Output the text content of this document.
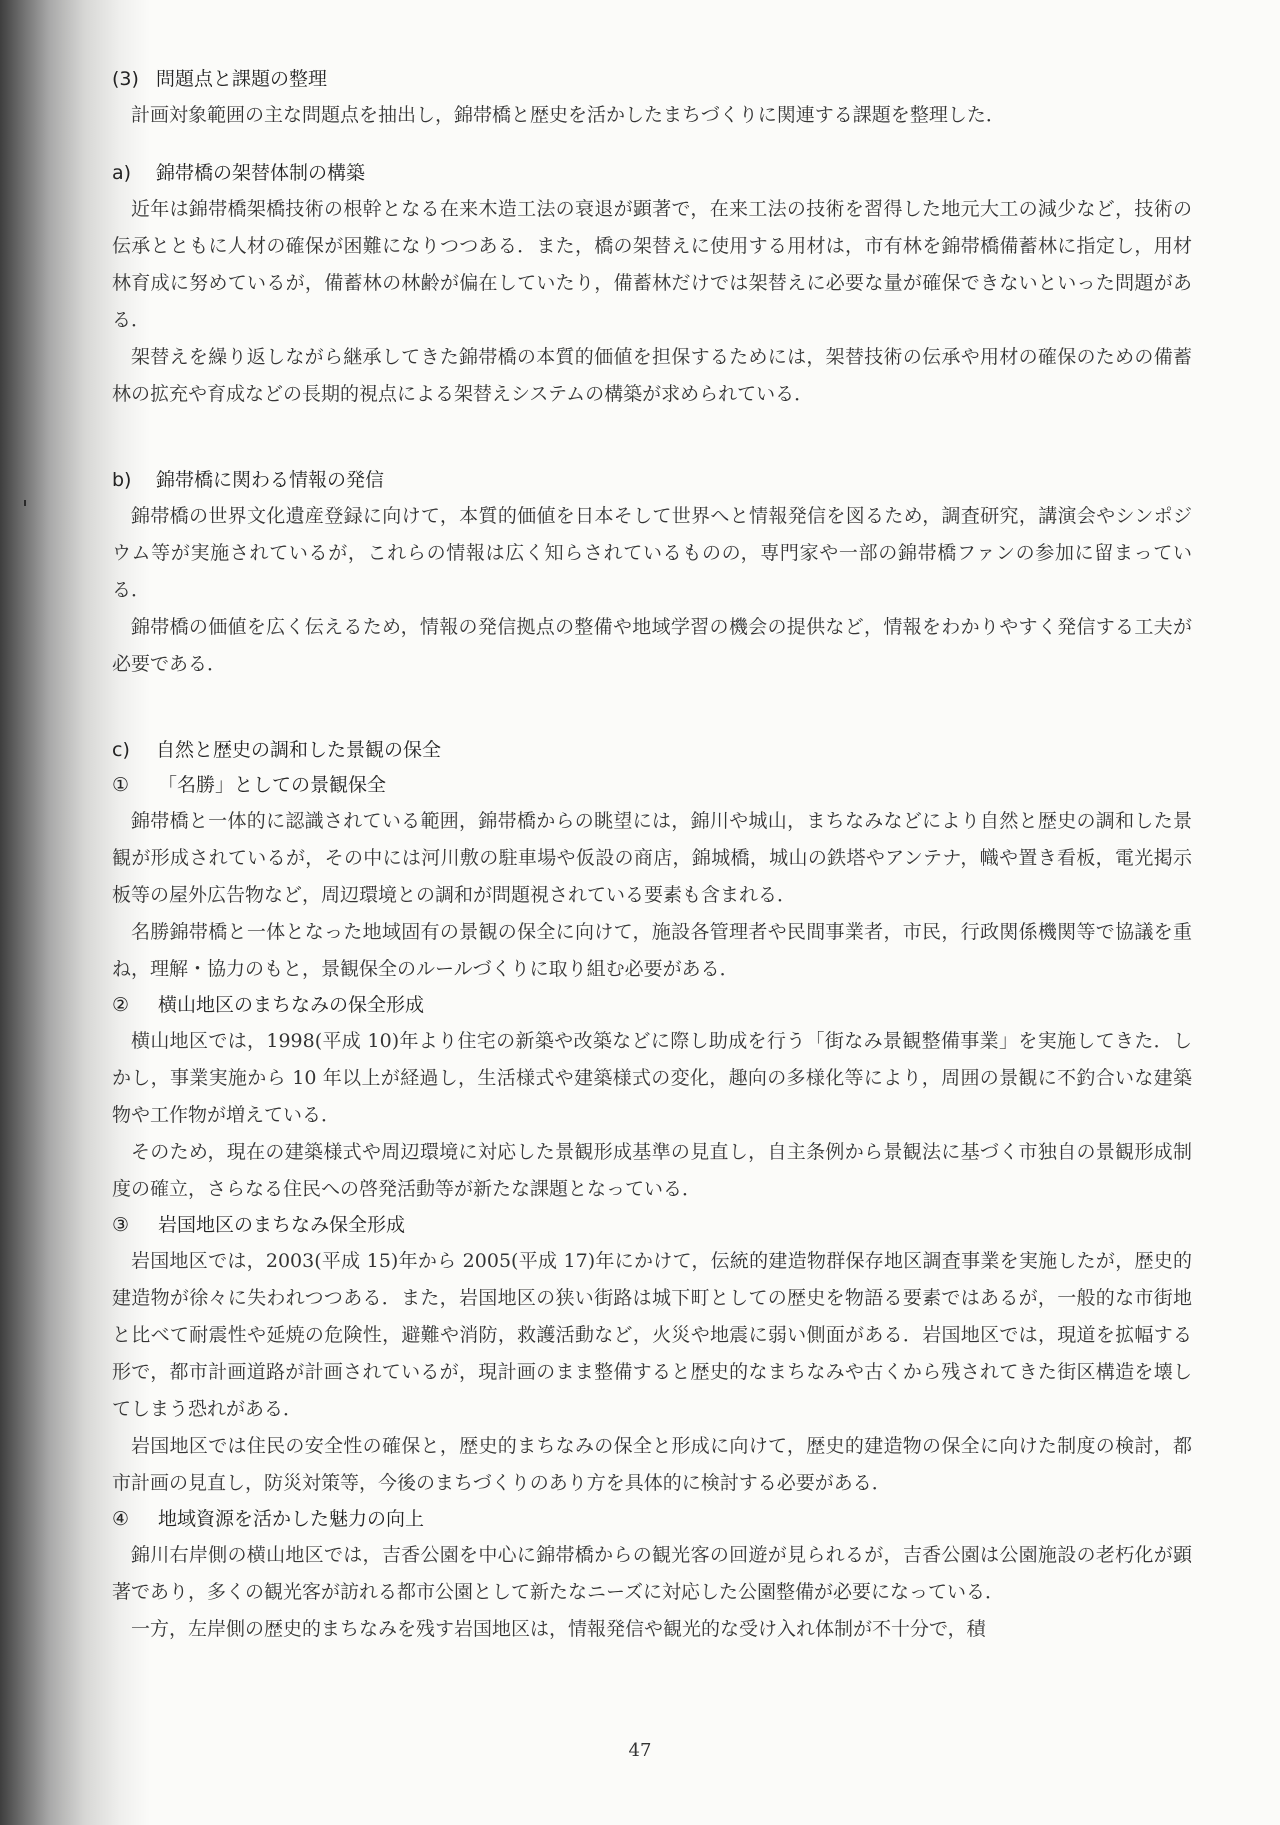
(3) 問題点と課題の整理

計画対象範囲の主な問題点を抽出し，錦帯橋と歴史を活かしたまちづくりに関連する課題を整理した．

a) 錦帯橋の架替体制の構築

近年は錦帯橋架橋技術の根幹となる在来木造工法の衰退が顕著で，在来工法の技術を習得した地元大工の減少など，技術の伝承とともに人材の確保が困難になりつつある．また，橋の架替えに使用する用材は，市有林を錦帯橋備蓄林に指定し，用材林育成に努めているが，備蓄林の林齢が偏在していたり，備蓄林だけでは架替えに必要な量が確保できないといった問題がある．

架替えを繰り返しながら継承してきた錦帯橋の本質的価値を担保するためには，架替技術の伝承や用材の確保のための備蓄林の拡充や育成などの長期的視点による架替えシステムの構築が求められている．

b) 錦帯橋に関わる情報の発信

錦帯橋の世界文化遺産登録に向けて，本質的価値を日本そして世界へと情報発信を図るため，調査研究，講演会やシンポジウム等が実施されているが，これらの情報は広く知らされているものの，専門家や一部の錦帯橋ファンの参加に留まっている．

錦帯橋の価値を広く伝えるため，情報の発信拠点の整備や地域学習の機会の提供など，情報をわかりやすく発信する工夫が必要である．

c) 自然と歴史の調和した景観の保全
① 「名勝」としての景観保全

錦帯橋と一体的に認識されている範囲，錦帯橋からの眺望には，錦川や城山，まちなみなどにより自然と歴史の調和した景観が形成されているが，その中には河川敷の駐車場や仮設の商店，錦城橋，城山の鉄塔やアンテナ，幟や置き看板，電光掲示板等の屋外広告物など，周辺環境との調和が問題視されている要素も含まれる．

名勝錦帯橋と一体となった地域固有の景観の保全に向けて，施設各管理者や民間事業者，市民，行政関係機関等で協議を重ね，理解・協力のもと，景観保全のルールづくりに取り組む必要がある．

② 横山地区のまちなみの保全形成

横山地区では，1998(平成 10)年より住宅の新築や改築などに際し助成を行う「街なみ景観整備事業」を実施してきた．しかし，事業実施から 10 年以上が経過し，生活様式や建築様式の変化，趣向の多様化等により，周囲の景観に不釣合いな建築物や工作物が増えている．

そのため，現在の建築様式や周辺環境に対応した景観形成基準の見直し，自主条例から景観法に基づく市独自の景観形成制度の確立，さらなる住民への啓発活動等が新たな課題となっている．

③ 岩国地区のまちなみ保全形成

岩国地区では，2003(平成 15)年から 2005(平成 17)年にかけて，伝統的建造物群保存地区調査事業を実施したが，歴史的建造物が徐々に失われつつある．また，岩国地区の狭い街路は城下町としての歴史を物語る要素ではあるが，一般的な市街地と比べて耐震性や延焼の危険性，避難や消防，救護活動など，火災や地震に弱い側面がある．岩国地区では，現道を拡幅する形で，都市計画道路が計画されているが，現計画のまま整備すると歴史的なまちなみや古くから残されてきた街区構造を壊してしまう恐れがある．

岩国地区では住民の安全性の確保と，歴史的まちなみの保全と形成に向けて，歴史的建造物の保全に向けた制度の検討，都市計画の見直し，防災対策等，今後のまちづくりのあり方を具体的に検討する必要がある．

④ 地域資源を活かした魅力の向上

錦川右岸側の横山地区では，吉香公園を中心に錦帯橋からの観光客の回遊が見られるが，吉香公園は公園施設の老朽化が顕著であり，多くの観光客が訪れる都市公園として新たなニーズに対応した公園整備が必要になっている．

一方，左岸側の歴史的まちなみを残す岩国地区は，情報発信や観光的な受け入れ体制が不十分で，積

47
